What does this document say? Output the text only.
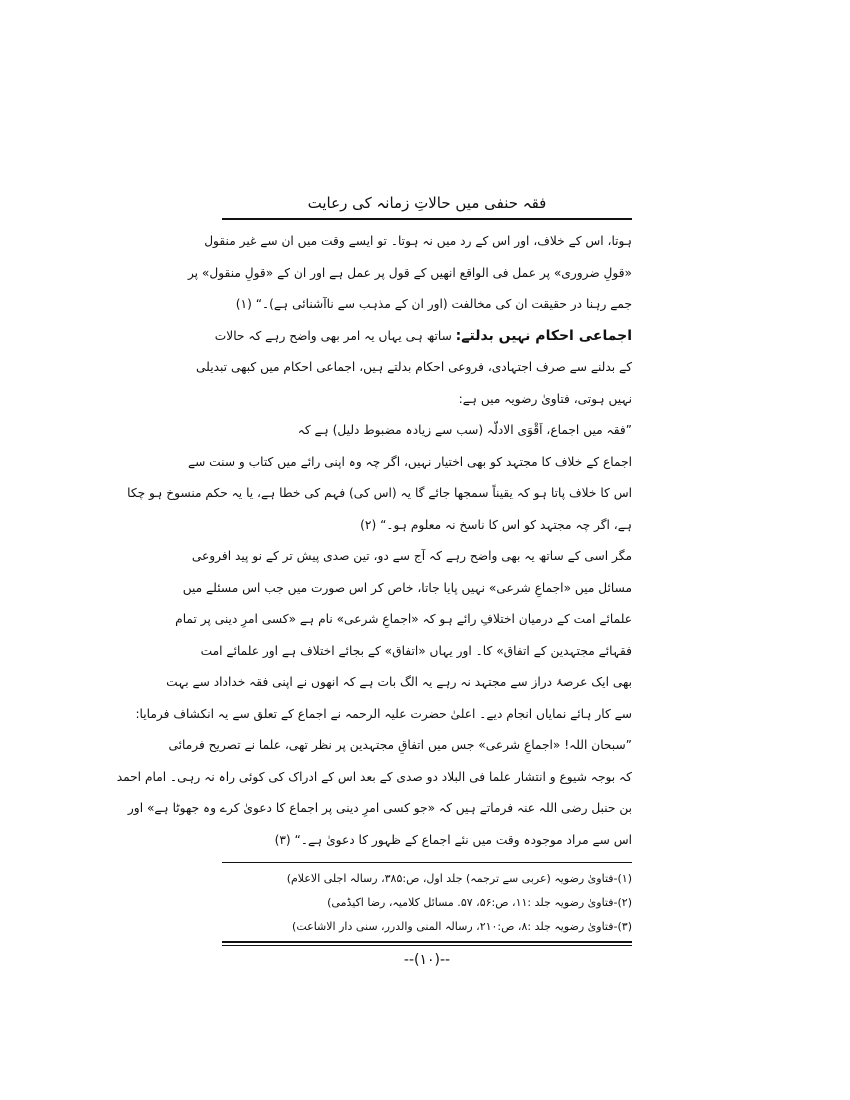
فقہ حنفی میں حالاتِ زمانہ کی رعایت
ہوتا، اس کے خلاف، اور اس کے رد میں نہ ہوتا۔ تو ایسے وقت میں ان سے غیر منقول
«قولِ ضروری» پر عمل فی الواقع انھیں کے قول پر عمل ہے اور ان کے «قولِ منقول» پر
جمے رہنا در حقیقت ان کی مخالفت (اور ان کے مذہب سے ناآشنائی ہے)۔“ (۱)
اجماعی احکام نہیں بدلتے: ساتھ ہی یہاں یہ امر بھی واضح رہے کہ حالات
کے بدلنے سے صرف اجتہادی، فروعی احکام بدلتے ہیں، اجماعی احکام میں کبھی تبدیلی
نہیں ہوتی، فتاویٰ رضویہ میں ہے:
”فقہ میں اجماع، اَقْوَی الادلّہ (سب سے زیادہ مضبوط دلیل) ہے کہ
اجماع کے خلاف کا مجتہد کو بھی اختیار نہیں، اگر چہ وہ اپنی رائے میں کتاب و سنت سے
اس کا خلاف پاتا ہو کہ یقیناً سمجھا جائے گا یہ (اس کی) فہم کی خطا ہے، یا یہ حکم منسوخ ہو چکا
ہے، اگر چہ مجتہد کو اس کا ناسخ نہ معلوم ہو۔“ (۲)
مگر اسی کے ساتھ یہ بھی واضح رہے کہ آج سے دو، تین صدی پیش تر کے نو پید افروعی
مسائل میں «اجماعِ شرعی» نہیں پایا جاتا، خاص کر اس صورت میں جب اس مسئلے میں
علمائے امت کے درمیان اختلافِ رائے ہو کہ «اجماعِ شرعی» نام ہے «کسی امرِ دینی پر تمام
فقہائے مجتہدین کے اتفاق» کا۔ اور یہاں «اتفاق» کے بجائے اختلاف ہے اور علمائے امت
بھی ایک عرصۂ دراز سے مجتہد نہ رہے یہ الگ بات ہے کہ انھوں نے اپنی فقہ خداداد سے بہت
سے کار ہائے نمایاں انجام دیے۔ اعلیٰ حضرت علیہ الرحمہ نے اجماع کے تعلق سے یہ انکشاف فرمایا:
”سبحان اللہ! «اجماعِ شرعی» جس میں اتفاقِ مجتہدین پر نظر تھی، علما نے تصریح فرمائی
کہ بوجہ شیوع و انتشار علما فی البلاد دو صدی کے بعد اس کے ادراک کی کوئی راہ نہ رہی۔ امام احمد
بن حنبل رضی اللہ عنہ فرماتے ہیں کہ «جو کسی امرِ دینی پر اجماع کا دعویٰ کرے وہ جھوٹا ہے» اور
اس سے مراد موجودہ وقت میں نئے اجماع کے ظہور کا دعویٰ ہے۔“ (۳)
(۱)-فتاویٰ رضویہ (عربی سے ترجمہ) جلد اول، ص:۳۸۵، رسالہ اجلی الاعلام)
(۲)-فتاویٰ رضویہ جلد :۱۱، ص:۵۶، ۵۷. مسائل کلامیہ، رضا اکیڈمی)
(۳)-فتاویٰ رضویہ جلد :۸، ص:۲۱۰، رسالہ المنی والدرر، سنی دار الاشاعت)
--(۱۰)--
